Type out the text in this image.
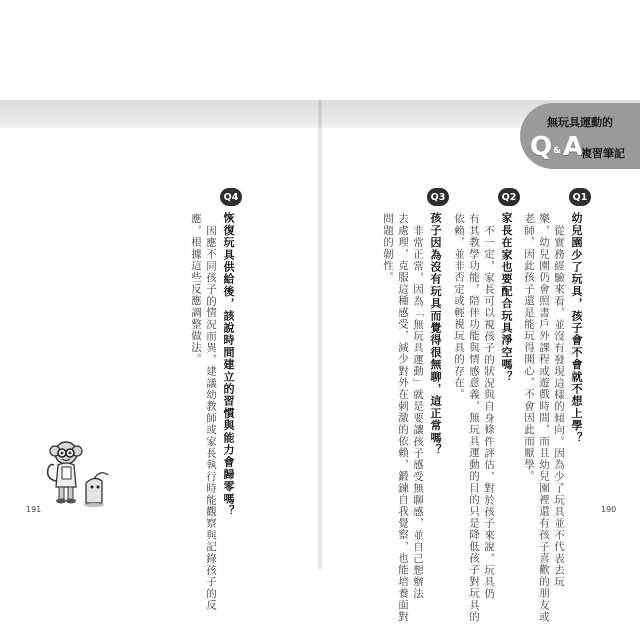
無玩具運動的
Q & A
複習筆記
Q1
幼兒園少了玩具，孩子會不會就不想上學？
從實務經驗來看，並沒有發現這樣的傾向。因為少了玩具並不代表去玩
樂，幼兒園仍會照書戶外課程或遊戲時間，而且幼兒園裡還有孩子喜歡的朋友或
老師，因此孩子還是能玩得開心，不會因此而厭學。
Q2
家長在家也要配合玩具淨空嗎？
不一定，家長可以視孩子的狀況與自身條件評估，對於孩子來說，玩具仍
有其教學功能，陪伴功能與情感意義，無玩具運動的目的只是降低孩子對玩具的
依賴，並非否定或輕視玩具的存在。
Q3
孩子因為沒有玩具而覺得很無聊，這正常嗎？
非常正常，因為「無玩具運動」就是要讓孩子感受無聊感，並自己想辦法
去處理，克服這種感受，減少對外在刺激的依賴，鍛鍊自我覺察，也能培養面對
問題的韌性。
Q4
恢復玩具供給後，該說時間建立的習慣與能力會歸零嗎？
因應不同孩子的情況而異，建議幼教師或家長執行時能觀察與記錄孩子的反
應，根據這些反應調整做法。
191	190
